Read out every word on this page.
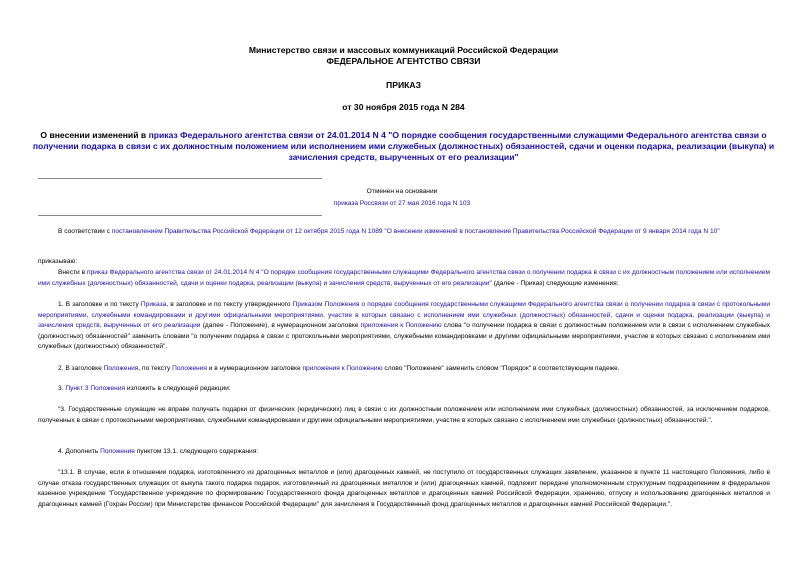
Министерство связи и массовых коммуникаций Российской Федерации
ФЕДЕРАЛЬНОЕ АГЕНТСТВО СВЯЗИ
ПРИКАЗ
от 30 ноября 2015 года N 284
О внесении изменений в приказ Федерального агентства связи от 24.01.2014 N 4 "О порядке сообщения государственными служащими Федерального агентства связи о получении подарка в связи с их должностным положением или исполнением ими служебных (должностных) обязанностей, сдачи и оценки подарка, реализации (выкупа) и зачисления средств, вырученных от его реализации"
Отменен на основании
приказа Россвязи от 27 мая 2016 года N 103
В соответствии с постановлением Правительства Российской Федерации от 12 октября 2015 года N 1089 "О внесении изменений в постановление Правительства Российской Федерации от 9 января 2014 года N 10"
приказываю:
Внести в приказ Федерального агентства связи от 24.01.2014 N 4 "О порядке сообщения государственными служащими Федерального агентства связи о получении подарка в связи с их должностным положением или исполнением ими служебных (должностных) обязанностей, сдачи и оценки подарка, реализации (выкупа) и зачисления средств, вырученных от его реализации" (далее - Приказ) следующие изменения:
1. В заголовке и по тексту Приказа, в заголовке и по тексту утвержденного Приказом Положения о порядке сообщения государственными служащими Федерального агентства связи о получении подарка в связи с протокольными мероприятиями, служебными командировками и другими официальными мероприятиями, участие в которых связано с исполнением ими служебных (должностных) обязанностей, сдачи и оценки подарка, реализации (выкупа) и зачисления средств, вырученных от его реализации (далее - Положение), в нумерационном заголовке приложения к Положению слова "о получении подарка в связи с должностным положением или в связи с исполнением служебных (должностных) обязанностей" заменить словами "о получении подарка в связи с протокольными мероприятиями, служебными командировками и другими официальными мероприятиями, участие в которых связано с исполнением ими служебных (должностных) обязанностей".
2. В заголовке Положения, по тексту Положения и в нумерационном заголовке приложения к Положению слово "Положение" заменить словом "Порядок" в соответствующем падеже.
3. Пункт 3 Положения изложить в следующей редакции:
"3. Государственные служащие не вправе получать подарки от физических (юридических) лиц в связи с их должностным положением или исполнением ими служебных (должностных) обязанностей, за исключением подарков, полученных в связи с протокольными мероприятиями, служебными командировками и другими официальными мероприятиями, участие в которых связано с исполнением ими служебных (должностных) обязанностей.".
4. Дополнить Положение пунктом 13.1. следующего содержания:
"13.1. В случае, если в отношении подарка, изготовленного из драгоценных металлов и (или) драгоценных камней, не поступило от государственных служащих заявление, указанное в пункте 11 настоящего Положения, либо в случае отказа государственных служащих от выкупа такого подарка подарок, изготовленный из драгоценных металлов и (или) драгоценных камней, подлежит передаче уполномоченным структурным подразделением в федеральное казенное учреждение "Государственное учреждение по формированию Государственного фонда драгоценных металлов и драгоценных камней Российской Федерации, хранению, отпуску и использованию драгоценных металлов и драгоценных камней (Гохран России) при Министерстве финансов Российской Федерации" для зачисления в Государственный фонд драгоценных металлов и драгоценных камней Российской Федерации.".
